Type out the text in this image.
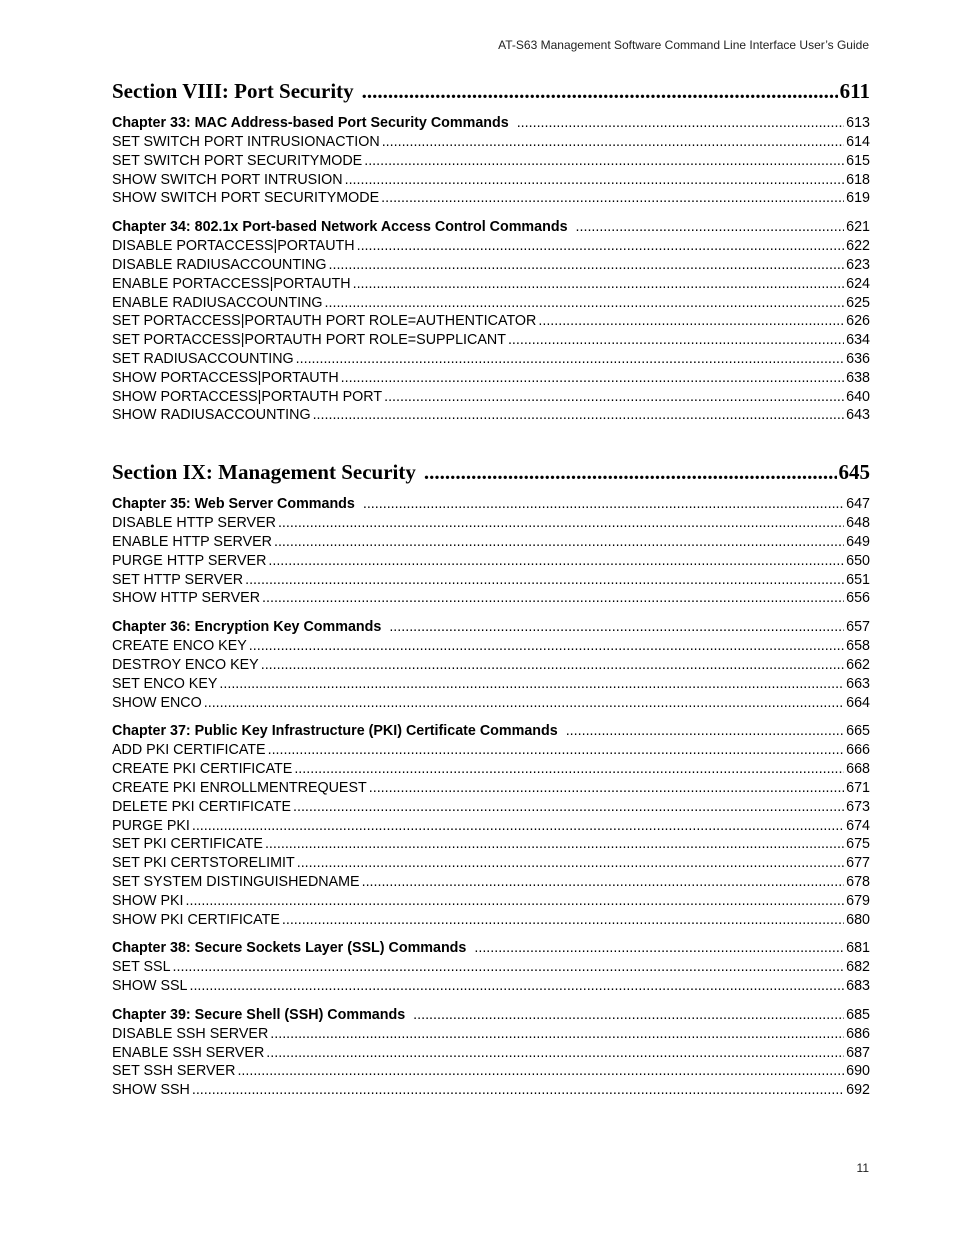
AT-S63 Management Software Command Line Interface User’s Guide
Section VIII: Port Security .....	611
Chapter 33: MAC Address-based Port Security Commands .....	613
SET SWITCH PORT INTRUSIONACTION .....	614
SET SWITCH PORT SECURITYMODE .....	615
SHOW SWITCH PORT INTRUSION .....	618
SHOW SWITCH PORT SECURITYMODE .....	619
Chapter 34: 802.1x Port-based Network Access Control Commands .....	621
DISABLE PORTACCESS|PORTAUTH .....	622
DISABLE RADIUSACCOUNTING .....	623
ENABLE PORTACCESS|PORTAUTH .....	624
ENABLE RADIUSACCOUNTING .....	625
SET PORTACCESS|PORTAUTH PORT ROLE=AUTHENTICATOR .....	626
SET PORTACCESS|PORTAUTH PORT ROLE=SUPPLICANT .....	634
SET RADIUSACCOUNTING .....	636
SHOW PORTACCESS|PORTAUTH .....	638
SHOW PORTACCESS|PORTAUTH PORT .....	640
SHOW RADIUSACCOUNTING .....	643
Section IX: Management Security .....	645
Chapter 35: Web Server Commands .....	647
DISABLE HTTP SERVER .....	648
ENABLE HTTP SERVER .....	649
PURGE HTTP SERVER .....	650
SET HTTP SERVER .....	651
SHOW HTTP SERVER .....	656
Chapter 36: Encryption Key Commands .....	657
CREATE ENCO KEY .....	658
DESTROY ENCO KEY .....	662
SET ENCO KEY .....	663
SHOW ENCO .....	664
Chapter 37: Public Key Infrastructure (PKI) Certificate Commands .....	665
ADD PKI CERTIFICATE .....	666
CREATE PKI CERTIFICATE .....	668
CREATE PKI ENROLLMENTREQUEST .....	671
DELETE PKI CERTIFICATE .....	673
PURGE PKI .....	674
SET PKI CERTIFICATE .....	675
SET PKI CERTSTORELIMIT .....	677
SET SYSTEM DISTINGUISHEDNAME .....	678
SHOW PKI .....	679
SHOW PKI CERTIFICATE .....	680
Chapter 38: Secure Sockets Layer (SSL) Commands .....	681
SET SSL .....	682
SHOW SSL .....	683
Chapter 39: Secure Shell (SSH) Commands .....	685
DISABLE SSH SERVER .....	686
ENABLE SSH SERVER .....	687
SET SSH SERVER .....	690
SHOW SSH .....	692
11
